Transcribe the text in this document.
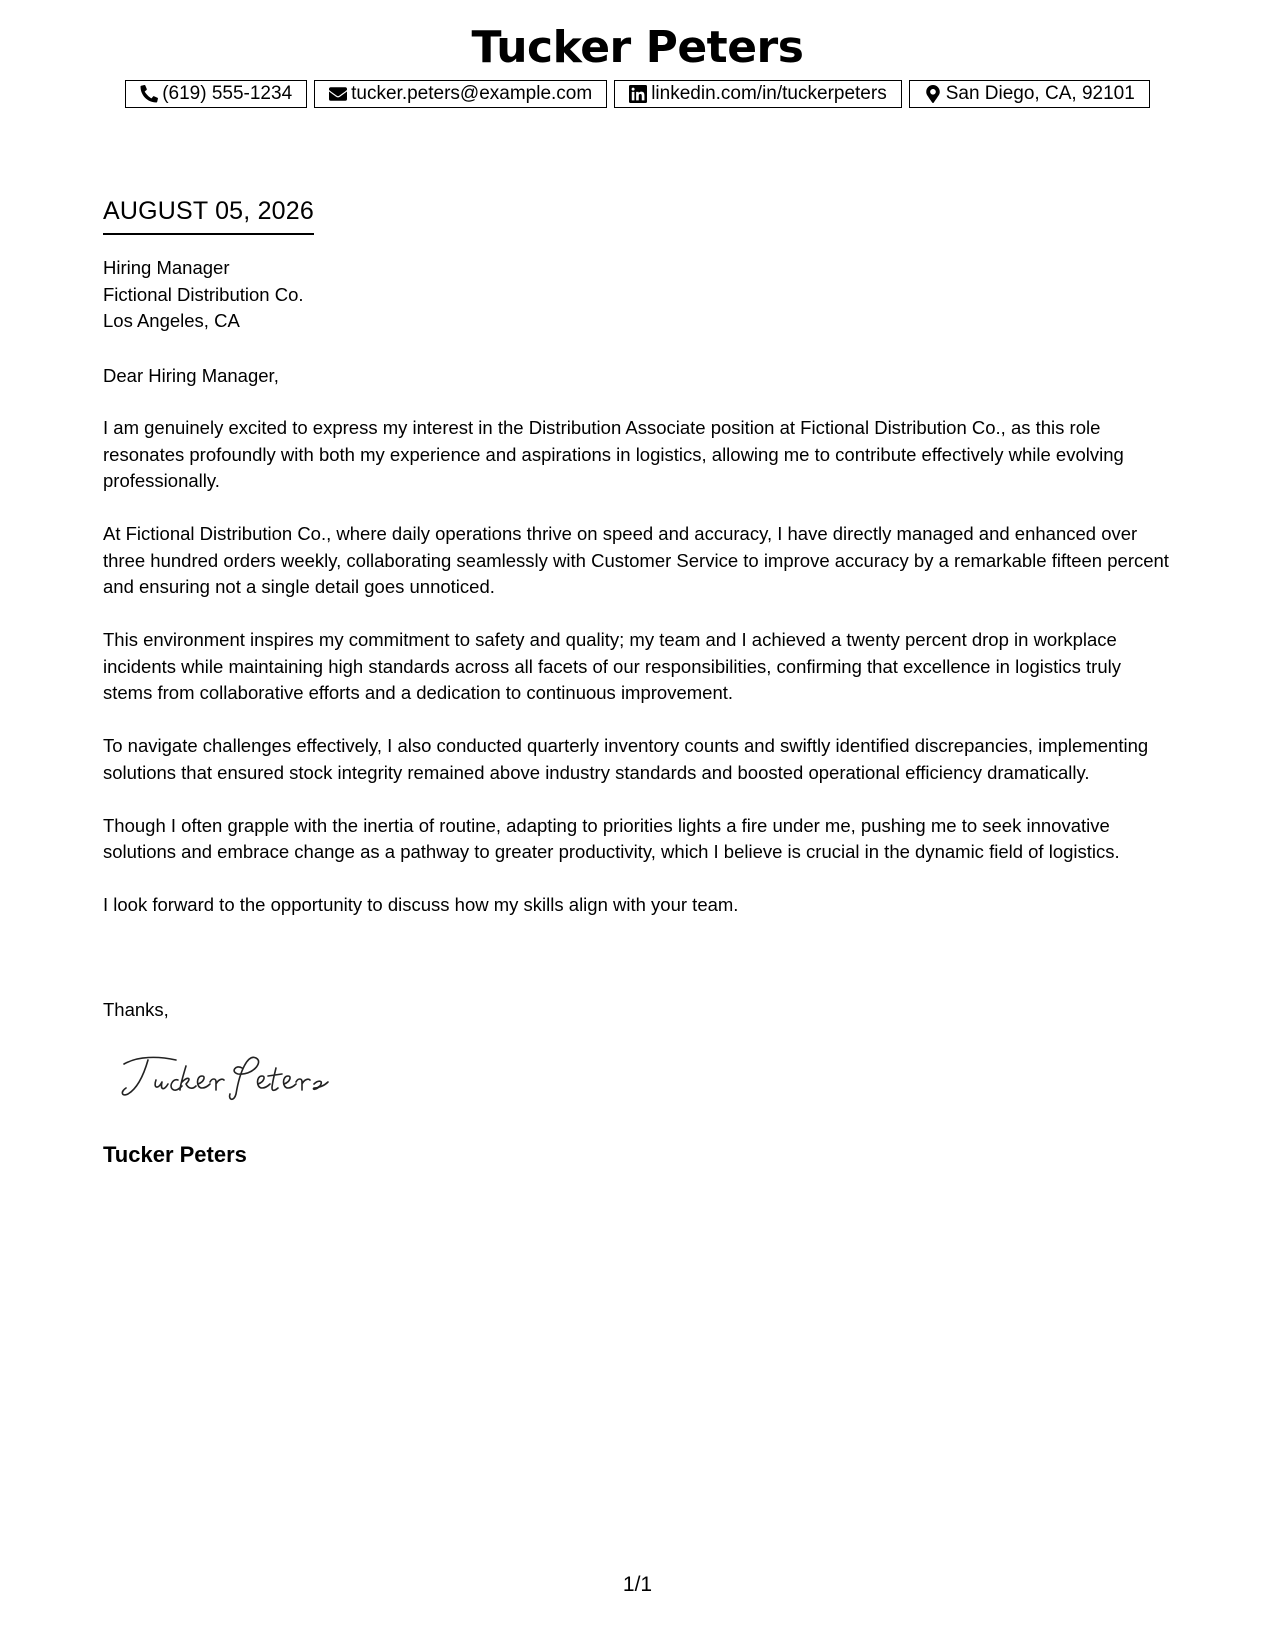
Tucker Peters
(619) 555-1234	tucker.peters@example.com	linkedin.com/in/tuckerpeters	San Diego, CA, 92101
AUGUST 05, 2026
Hiring Manager
Fictional Distribution Co.
Los Angeles, CA
Dear Hiring Manager,

I am genuinely excited to express my interest in the Distribution Associate position at Fictional Distribution Co., as this role resonates profoundly with both my experience and aspirations in logistics, allowing me to contribute effectively while evolving professionally.

At Fictional Distribution Co., where daily operations thrive on speed and accuracy, I have directly managed and enhanced over three hundred orders weekly, collaborating seamlessly with Customer Service to improve accuracy by a remarkable fifteen percent and ensuring not a single detail goes unnoticed.

This environment inspires my commitment to safety and quality; my team and I achieved a twenty percent drop in workplace incidents while maintaining high standards across all facets of our responsibilities, confirming that excellence in logistics truly stems from collaborative efforts and a dedication to continuous improvement.

To navigate challenges effectively, I also conducted quarterly inventory counts and swiftly identified discrepancies, implementing solutions that ensured stock integrity remained above industry standards and boosted operational efficiency dramatically.

Though I often grapple with the inertia of routine, adapting to priorities lights a fire under me, pushing me to seek innovative solutions and embrace change as a pathway to greater productivity, which I believe is crucial in the dynamic field of logistics.

I look forward to the opportunity to discuss how my skills align with your team.

Thanks,
Tucker Peters
1/1
